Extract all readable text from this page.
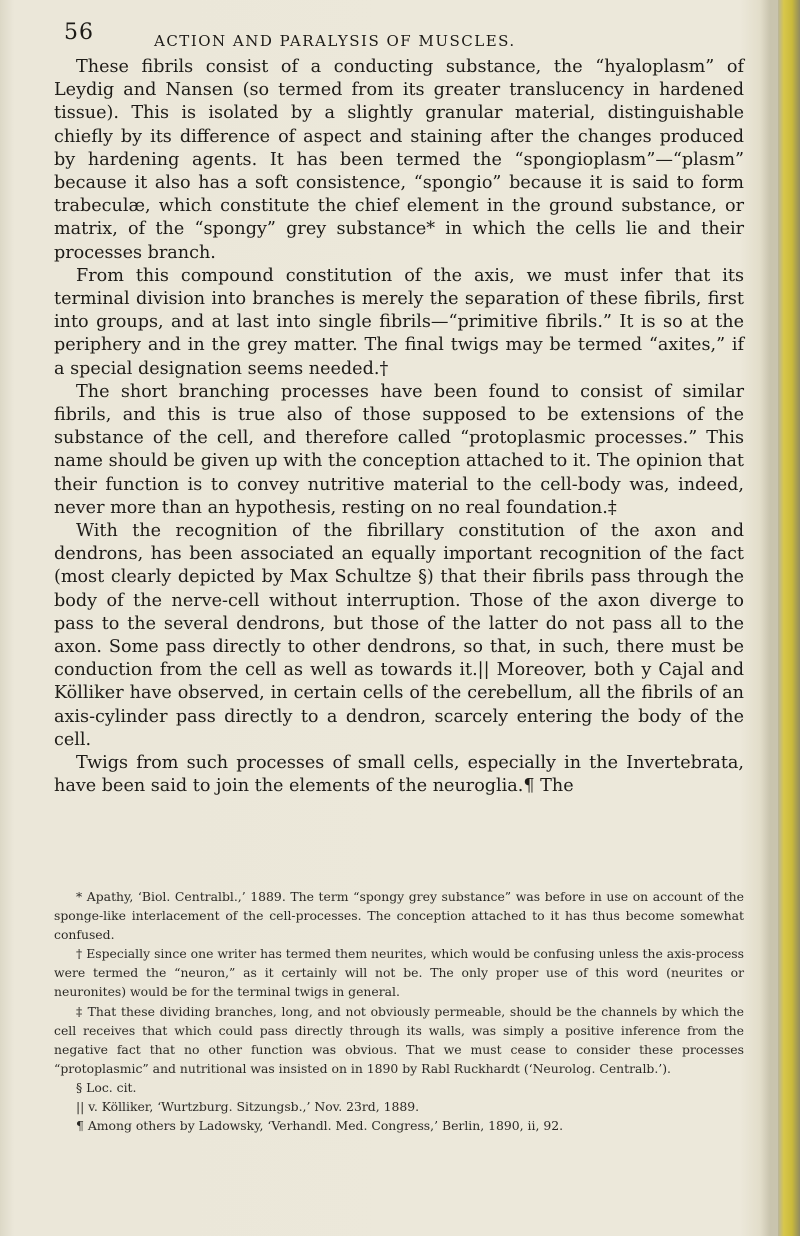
56	ACTION AND PARALYSIS OF MUSCLES.

These fibrils consist of a conducting substance, the “hyaloplasm” of Leydig and Nansen (so termed from its greater translucency in hardened tissue). This is isolated by a slightly granular material, distinguishable chiefly by its difference of aspect and staining after the changes produced by hardening agents. It has been termed the “spongioplasm”—“plasm” because it also has a soft consistence, “spongio” because it is said to form trabeculæ, which constitute the chief element in the ground substance, or matrix, of the “spongy” grey substance* in which the cells lie and their processes branch.

From this compound constitution of the axis, we must infer that its terminal division into branches is merely the separation of these fibrils, first into groups, and at last into single fibrils—“primitive fibrils.” It is so at the periphery and in the grey matter. The final twigs may be termed “axites,” if a special designation seems needed.†

The short branching processes have been found to consist of similar fibrils, and this is true also of those supposed to be extensions of the substance of the cell, and therefore called “protoplasmic processes.” This name should be given up with the conception attached to it. The opinion that their function is to convey nutritive material to the cell-body was, indeed, never more than an hypothesis, resting on no real foundation.‡

With the recognition of the fibrillary constitution of the axon and dendrons, has been associated an equally important recognition of the fact (most clearly depicted by Max Schultze §) that their fibrils pass through the body of the nerve-cell without interruption. Those of the axon diverge to pass to the several dendrons, but those of the latter do not pass all to the axon. Some pass directly to other dendrons, so that, in such, there must be conduction from the cell as well as towards it.|| Moreover, both y Cajal and Kölliker have observed, in certain cells of the cerebellum, all the fibrils of an axis-cylinder pass directly to a dendron, scarcely entering the body of the cell.

Twigs from such processes of small cells, especially in the Invertebrata, have been said to join the elements of the neuroglia.¶ The

* Apathy, ‘Biol. Centralbl.,’ 1889. The term “spongy grey substance” was before in use on account of the sponge-like interlacement of the cell-processes. The conception attached to it has thus become somewhat confused.

† Especially since one writer has termed them neurites, which would be confusing unless the axis-process were termed the “neuron,” as it certainly will not be. The only proper use of this word (neurites or neuronites) would be for the terminal twigs in general.

‡ That these dividing branches, long, and not obviously permeable, should be the channels by which the cell receives that which could pass directly through its walls, was simply a positive inference from the negative fact that no other function was obvious. That we must cease to consider these processes “protoplasmic” and nutritional was insisted on in 1890 by Rabl Ruckhardt (‘Neurolog. Centralb.’).

§ Loc. cit.

|| v. Kölliker, ‘Wurtzburg. Sitzungsb.,’ Nov. 23rd, 1889.

¶ Among others by Ladowsky, ‘Verhandl. Med. Congress,’ Berlin, 1890, ii, 92.
